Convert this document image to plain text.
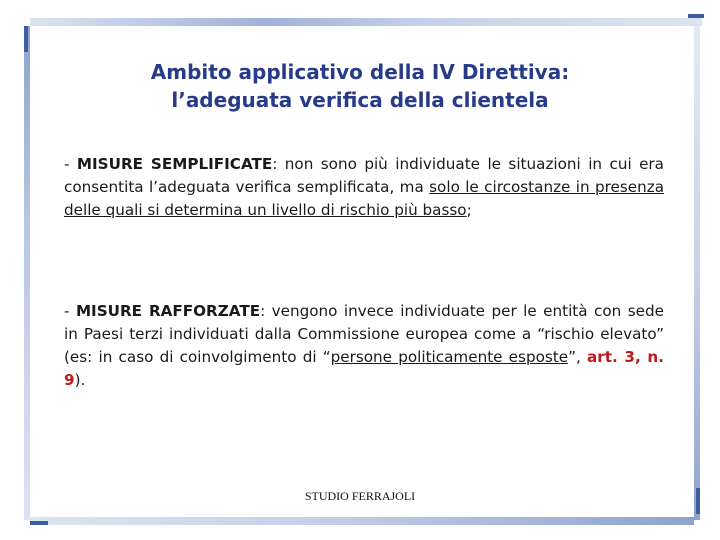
Ambito applicativo della IV Direttiva:
l’adeguata verifica della clientela
- MISURE SEMPLIFICATE: non sono più individuate le situazioni in cui era consentita l’adeguata verifica semplificata, ma solo le circostanze in presenza delle quali si determina un livello di rischio più basso;
- MISURE RAFFORZATE: vengono invece individuate per le entità con sede in Paesi terzi individuati dalla Commissione europea come a “rischio elevato” (es: in caso di coinvolgimento di “persone politicamente esposte”, art. 3, n. 9).
STUDIO FERRAJOLI
